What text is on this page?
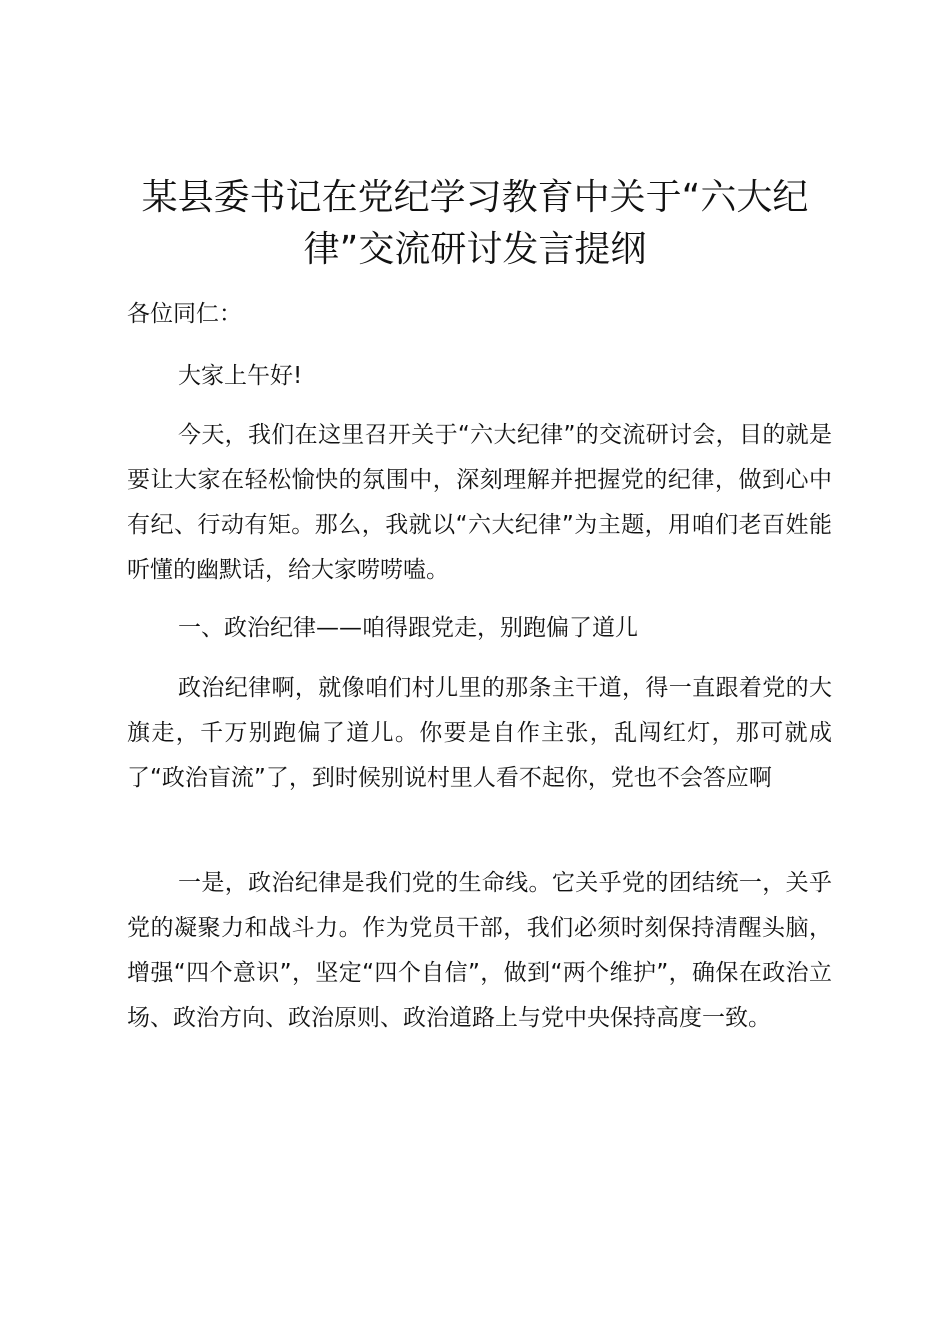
某县委书记在党纪学习教育中关于“六大纪律”交流研讨发言提纲

各位同仁：

大家上午好!

今天，我们在这里召开关于“六大纪律”的交流研讨会，目的就是要让大家在轻松愉快的氛围中，深刻理解并把握党的纪律，做到心中有纪、行动有矩。那么，我就以“六大纪律”为主题，用咱们老百姓能听懂的幽默话，给大家唠唠嗑。

一、政治纪律——咱得跟党走，别跑偏了道儿

政治纪律啊，就像咱们村儿里的那条主干道，得一直跟着党的大旗走，千万别跑偏了道儿。你要是自作主张，乱闯红灯，那可就成了“政治盲流”了，到时候别说村里人看不起你，党也不会答应啊

一是，政治纪律是我们党的生命线。它关乎党的团结统一，关乎党的凝聚力和战斗力。作为党员干部，我们必须时刻保持清醒头脑，增强“四个意识”，坚定“四个自信”，做到“两个维护”，确保在政治立场、政治方向、政治原则、政治道路上与党中央保持高度一致。
